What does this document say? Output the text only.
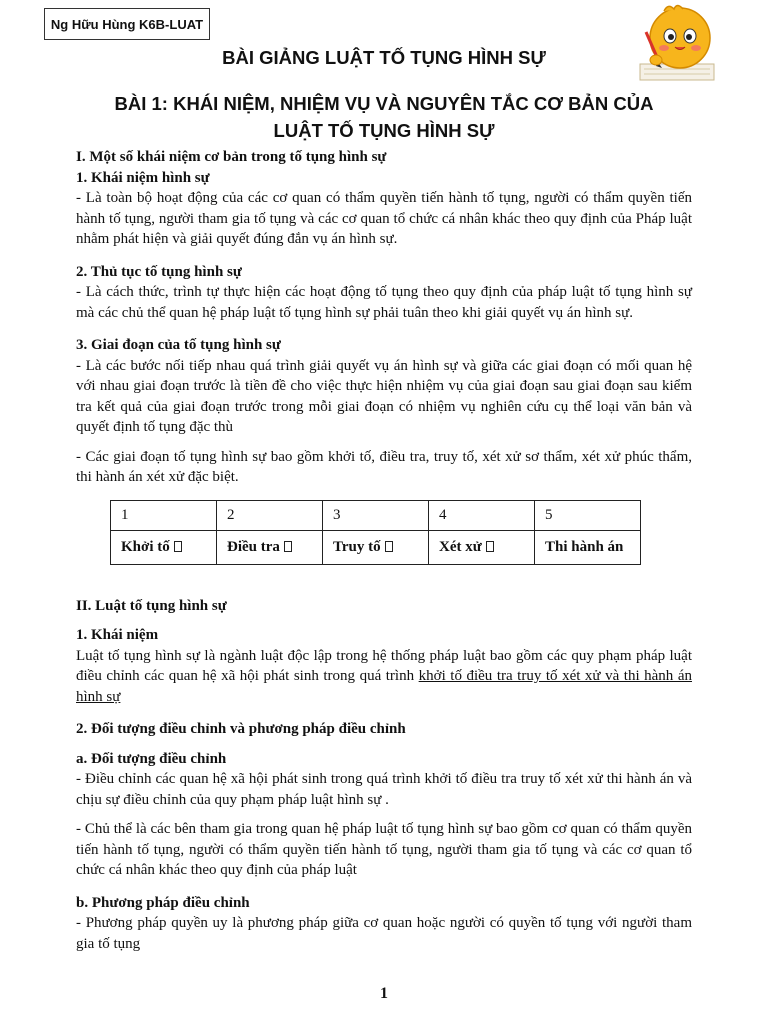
Ng Hữu Hùng K6B-LUAT
BÀI GIẢNG LUẬT TỐ TỤNG HÌNH SỰ
BÀI 1: KHÁI NIỆM, NHIỆM VỤ VÀ NGUYÊN TẮC CƠ BẢN CỦA
LUẬT TỐ TỤNG HÌNH SỰ

I. Một số khái niệm cơ bản trong tố tụng hình sự

1. Khái niệm hình sự

- Là toàn bộ hoạt động của các cơ quan có thẩm quyền tiến hành tố tụng, người có thẩm quyền tiến hành tố tụng, người tham gia tố tụng và các cơ quan tổ chức cá nhân khác theo quy định của Pháp luật nhằm phát hiện và giải quyết đúng đắn vụ án hình sự.

2. Thủ tục tố tụng hình sự

- Là cách thức, trình tự thực hiện các hoạt động tố tụng theo quy định của pháp luật tố tụng hình sự mà các chủ thể quan hệ pháp luật tố tụng hình sự phải tuân theo khi giải quyết vụ án hình sự.

3. Giai đoạn của tố tụng hình sự

- Là các bước nối tiếp nhau quá trình giải quyết vụ án hình sự và giữa các giai đoạn có mối quan hệ với nhau giai đoạn trước là tiền đề cho việc thực hiện nhiệm vụ của giai đoạn sau giai đoạn sau kiểm tra kết quả của giai đoạn trước trong mỗi giai đoạn có nhiệm vụ nghiên cứu cụ thể loại văn bản và quyết định tố tụng đặc thù

- Các giai đoạn tố tụng hình sự bao gồm khởi tố, điều tra, truy tố, xét xử sơ thẩm, xét xử phúc thẩm, thi hành án xét xử đặc biệt.

1	2	3	4	5
Khởi tố	Điều tra	Truy tố	Xét xử	Thi hành án

II. Luật tố tụng hình sự

1. Khái niệm

Luật tố tụng hình sự là ngành luật độc lập trong hệ thống pháp luật bao gồm các quy phạm pháp luật điều chỉnh các quan hệ xã hội phát sinh trong quá trình khởi tố điều tra truy tố xét xử và thi hành án hình sự

2. Đối tượng điều chỉnh và phương pháp điều chỉnh

a. Đối tượng điều chỉnh

- Điều chỉnh các quan hệ xã hội phát sinh trong quá trình khởi tố điều tra truy tố xét xử thi hành án và chịu sự điều chỉnh của quy phạm pháp luật hình sự .

- Chủ thể là các bên tham gia trong quan hệ pháp luật tố tụng hình sự bao gồm cơ quan có thẩm quyền tiến hành tố tụng, người có thẩm quyền tiến hành tố tụng, người tham gia tố tụng và các cơ quan tổ chức cá nhân khác theo quy định của pháp luật

b. Phương pháp điều chỉnh

- Phương pháp quyền uy là phương pháp giữa cơ quan hoặc người có quyền tố tụng với người tham gia tố tụng

1
